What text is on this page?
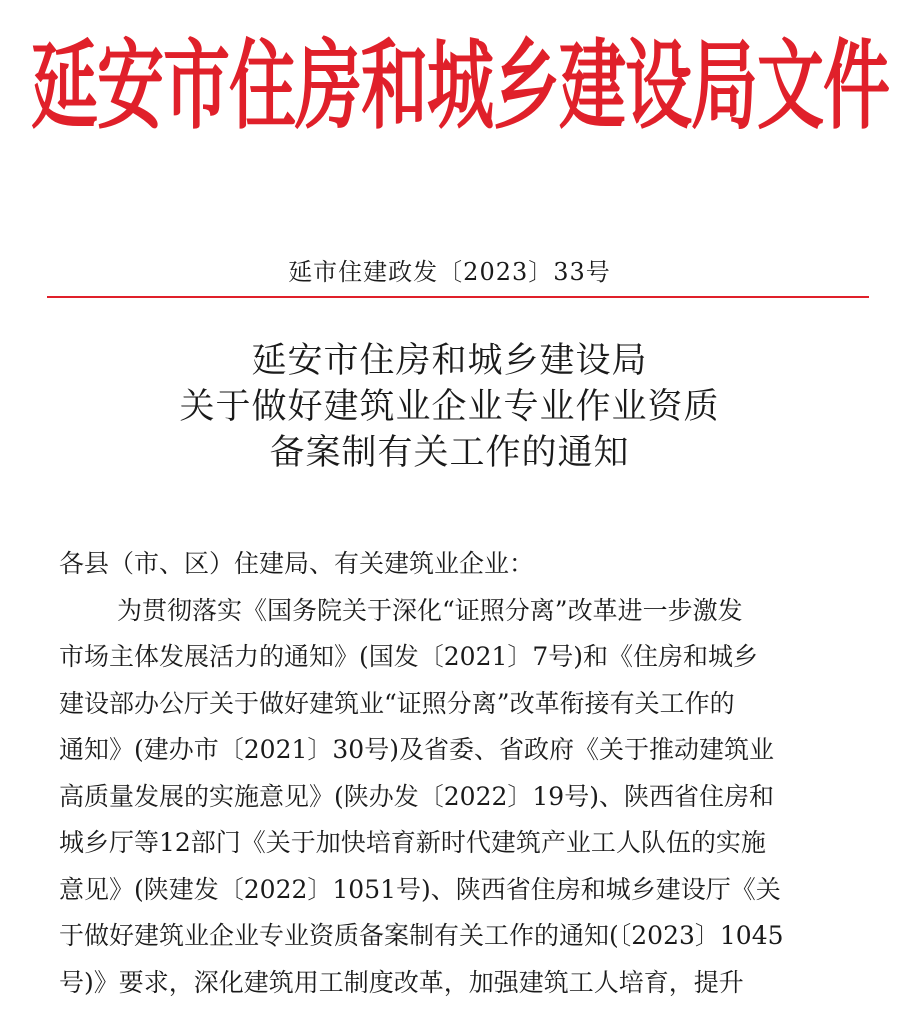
延安市住房和城乡建设局文件
延市住建政发〔2023〕33号
延安市住房和城乡建设局
关于做好建筑业企业专业作业资质
备案制有关工作的通知
各县（市、区）住建局、有关建筑业企业：
为贯彻落实《国务院关于深化“证照分离”改革进一步激发
市场主体发展活力的通知》(国发〔2021〕7号)和《住房和城乡
建设部办公厅关于做好建筑业“证照分离”改革衔接有关工作的
通知》(建办市〔2021〕30号)及省委、省政府《关于推动建筑业
高质量发展的实施意见》(陕办发〔2022〕19号)、陕西省住房和
城乡厅等12部门《关于加快培育新时代建筑产业工人队伍的实施
意见》(陕建发〔2022〕1051号)、陕西省住房和城乡建设厅《关
于做好建筑业企业专业资质备案制有关工作的通知(〔2023〕1045
号)》要求，深化建筑用工制度改革，加强建筑工人培育，提升
